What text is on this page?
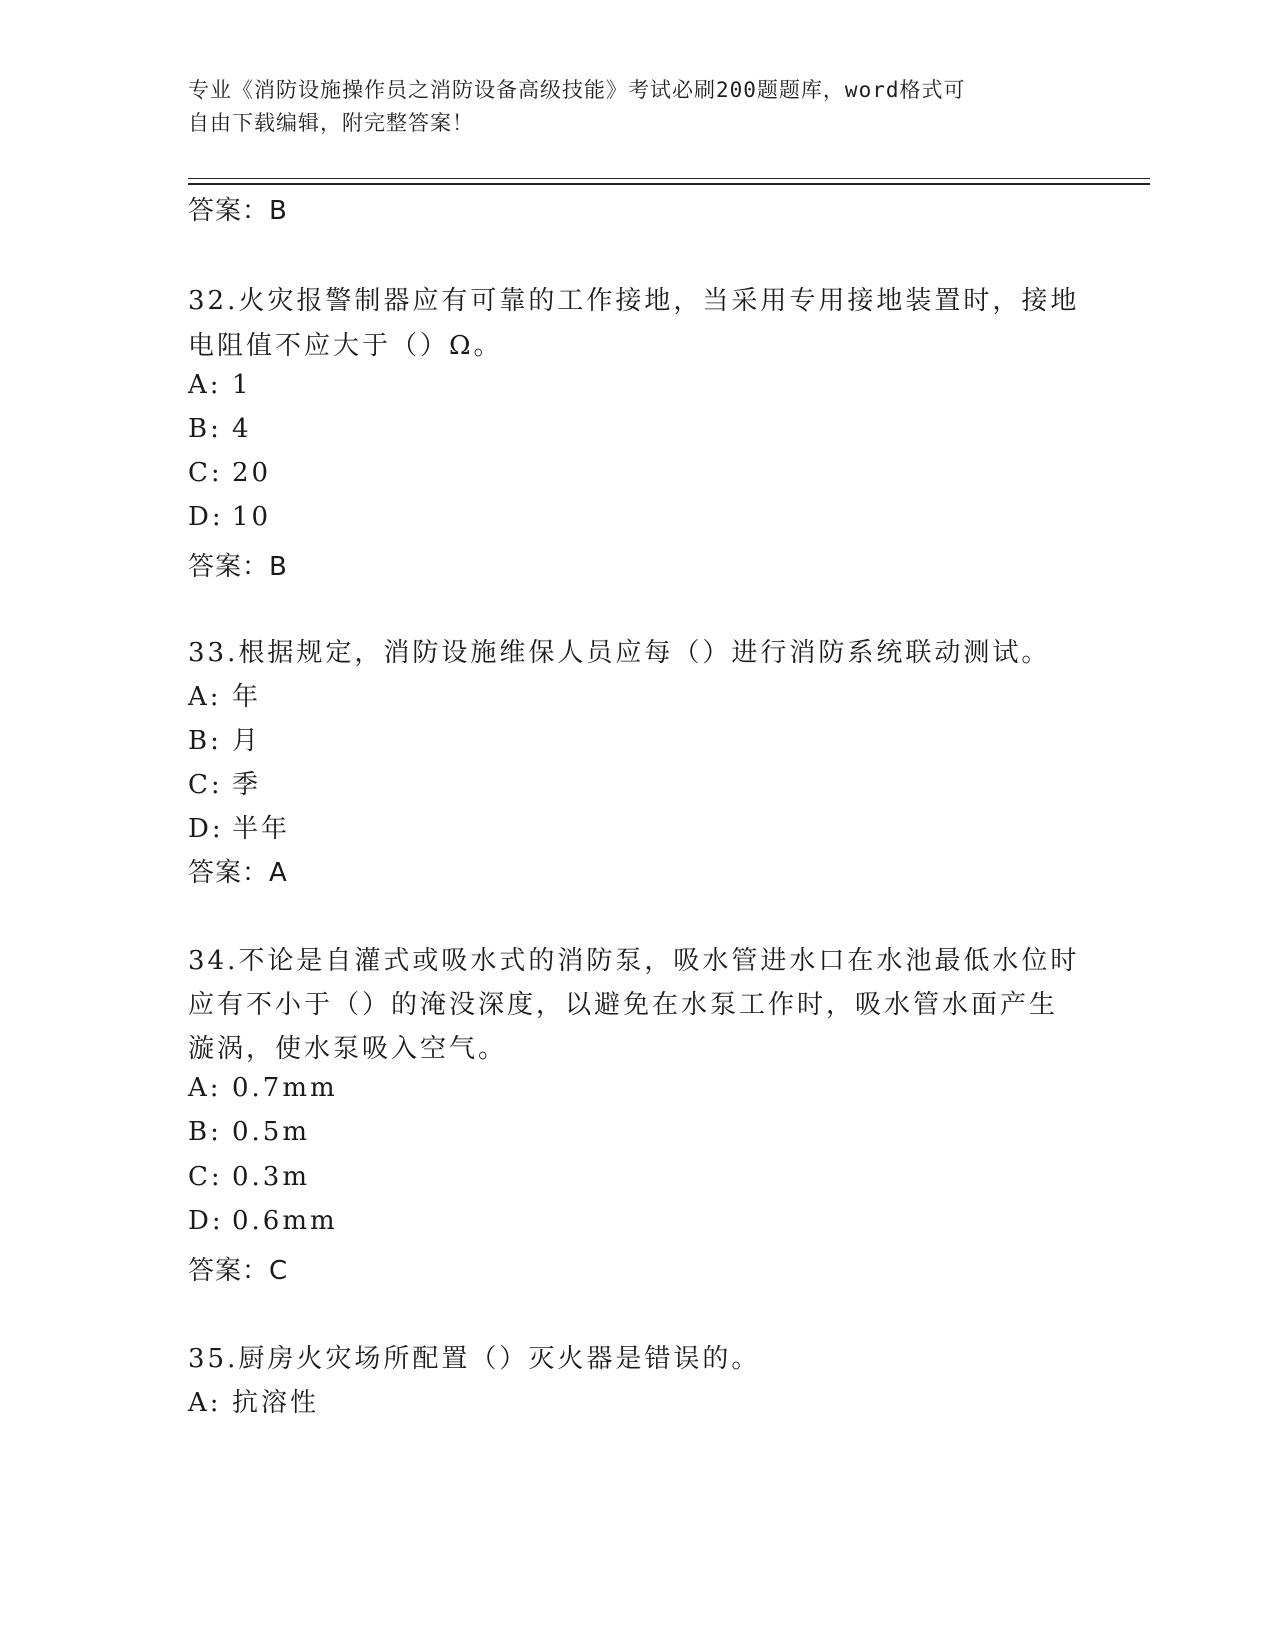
专业《消防设施操作员之消防设备高级技能》考试必刷200题题库，word格式可
自由下载编辑，附完整答案！
答案：B
32.火灾报警制器应有可靠的工作接地，当采用专用接地装置时，接地
电阻值不应大于（）Ω。
A: 1
B: 4
C: 20
D: 10
答案：B
33.根据规定，消防设施维保人员应每（）进行消防系统联动测试。
A: 年
B: 月
C: 季
D: 半年
答案：A
34.不论是自灌式或吸水式的消防泵，吸水管进水口在水池最低水位时
应有不小于（）的淹没深度，以避免在水泵工作时，吸水管水面产生
漩涡，使水泵吸入空气。
A: 0.7mm
B: 0.5m
C: 0.3m
D: 0.6mm
答案：C
35.厨房火灾场所配置（）灭火器是错误的。
A: 抗溶性
